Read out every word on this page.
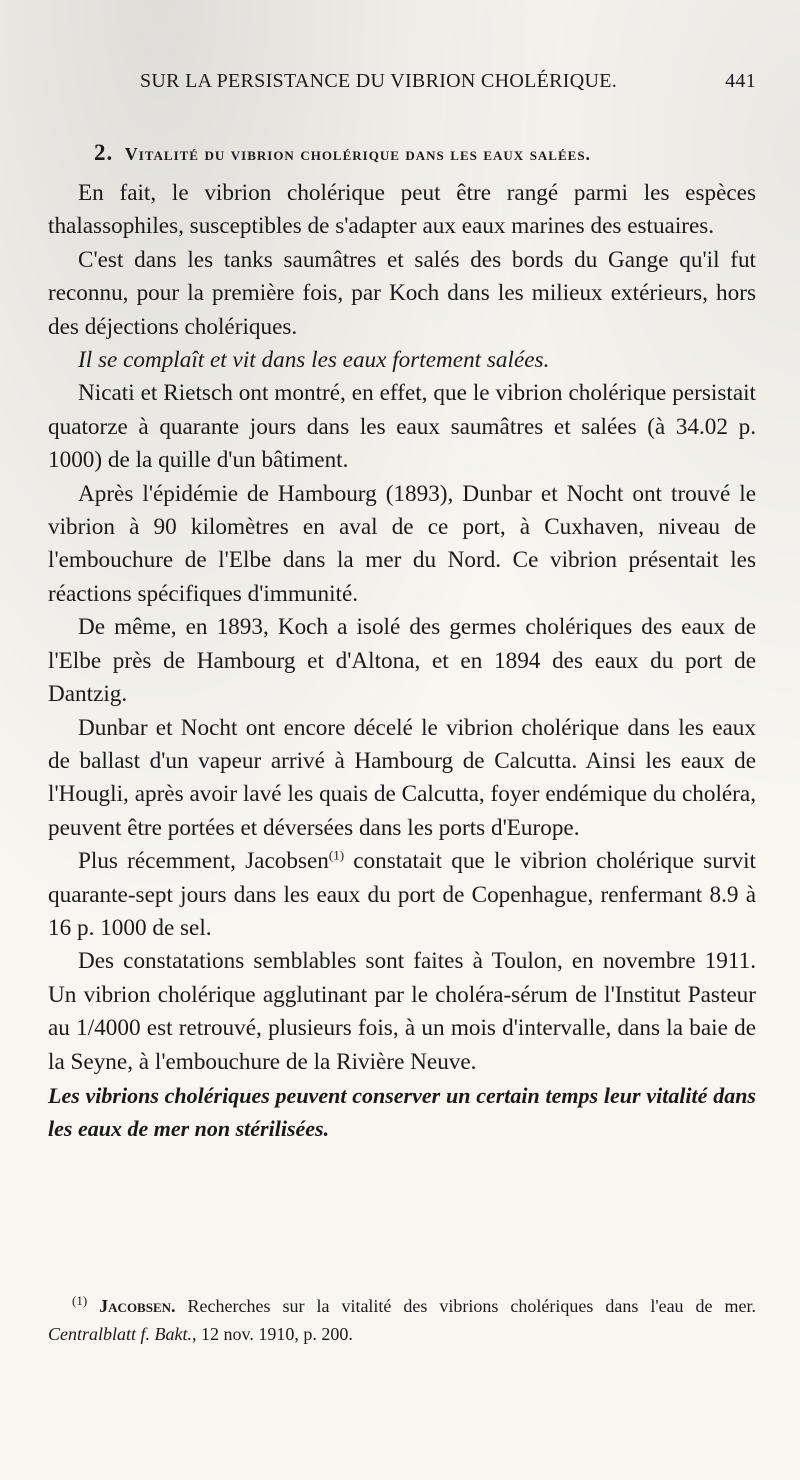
SUR LA PERSISTANCE DU VIBRION CHOLÉRIQUE.	441
2. Vitalité du vibrion cholérique dans les eaux salées.

En fait, le vibrion cholérique peut être rangé parmi les espèces thalassophiles, susceptibles de s'adapter aux eaux marines des estuaires.

C'est dans les tanks saumâtres et salés des bords du Gange qu'il fut reconnu, pour la première fois, par Koch dans les milieux extérieurs, hors des déjections cholériques.

Il se complaît et vit dans les eaux fortement salées.

Nicati et Rietsch ont montré, en effet, que le vibrion cholérique persistait quatorze à quarante jours dans les eaux saumâtres et salées (à 34.02 p. 1000) de la quille d'un bâtiment.

Après l'épidémie de Hambourg (1893), Dunbar et Nocht ont trouvé le vibrion à 90 kilomètres en aval de ce port, à Cuxhaven, niveau de l'embouchure de l'Elbe dans la mer du Nord. Ce vibrion présentait les réactions spécifiques d'immunité.

De même, en 1893, Koch a isolé des germes cholériques des eaux de l'Elbe près de Hambourg et d'Altona, et en 1894 des eaux du port de Dantzig.

Dunbar et Nocht ont encore décelé le vibrion cholérique dans les eaux de ballast d'un vapeur arrivé à Hambourg de Calcutta. Ainsi les eaux de l'Hougli, après avoir lavé les quais de Calcutta, foyer endémique du choléra, peuvent être portées et déversées dans les ports d'Europe.

Plus récemment, Jacobsen$^{(1)}$ constatait que le vibrion cholérique survit quarante-sept jours dans les eaux du port de Copenhague, renfermant 8.9 à 16 p. 1000 de sel.

Des constatations semblables sont faites à Toulon, en novembre 1911. Un vibrion cholérique agglutinant par le choléra-sérum de l'Institut Pasteur au 1/4000 est retrouvé, plusieurs fois, à un mois d'intervalle, dans la baie de la Seyne, à l'embouchure de la Rivière Neuve.

Les vibrions cholériques peuvent conserver un certain temps leur vitalité dans les eaux de mer non stérilisées.

$^{(1)}$ Jacobsen. Recherches sur la vitalité des vibrions cholériques dans l'eau de mer. Centralblatt f. Bakt., 12 nov. 1910, p. 200.
